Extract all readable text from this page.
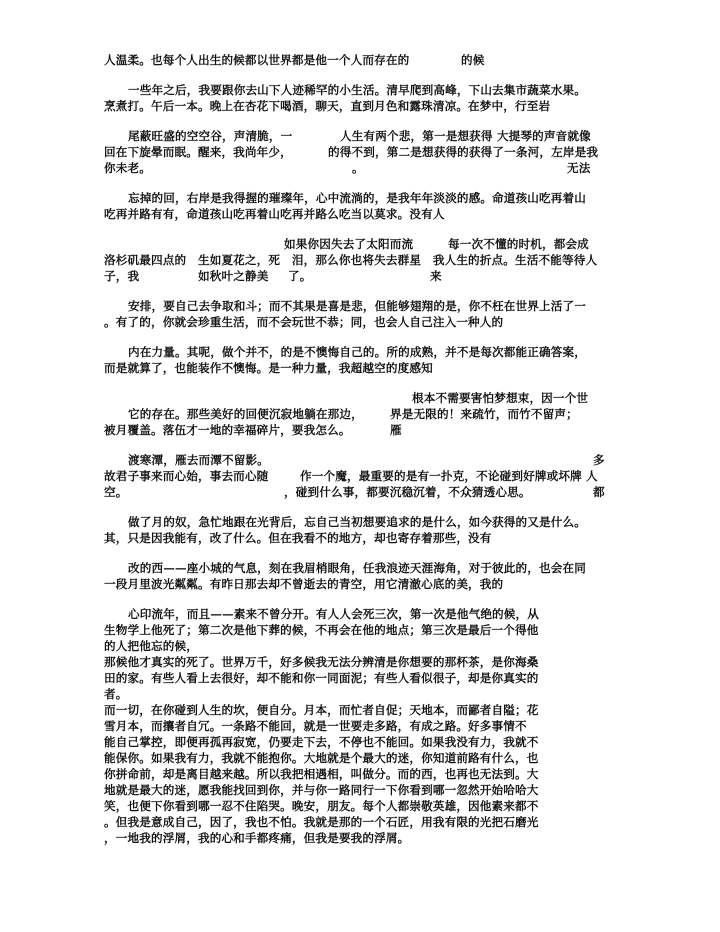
人温柔。也每个人出生的候都以世界都是他一个人而存在的	的候
一些年之后，我要跟你去山下人迹稀罕的小生活。清早爬到高峰，下山去集市蔬菜水果。
烹煮打。午后一本。晚上在杏花下喝酒，聊天，直到月色和露珠清凉。在梦中，行至岩
尾蔽旺盛的空空谷，声清脆，一	人生有两个悲，第一是想获得 大提琴的声音就像
回在下旋晕而眠。醒来，我尚年少，	的得不到，第二是想获得的获得了一条河，左岸是我
你未老。	。	无法
忘掉的回，右岸是我得握的璀璨年，心中流淌的，是我年年淡淡的感。命道孩山吃再着山
吃再并路有有，命道孩山吃再着山吃再并路么吃当以莫求。没有人
如果你因失去了太阳而流	每一次不懂的时机，都会成
洛杉矶最四点的　生如夏花之，死　泪，那么你也将失去群星　我人生的折点。生活不能等待人
子，我	如秋叶之静美 了。	来
安排，要自己去争取和斗；而不其果是喜是悲，但能够翅翔的是，你不枉在世界上活了一
。有了的，你就会珍重生活，而不会玩世不恭；同，也会人自己注入一种人的
内在力量。其呢，做个并不，的是不懊悔自己的。所的成熟，并不是每次都能正确答案，
而是就算了，也能装作不懊悔。是一种力量，我超越空的度感知
根本不需要害怕梦想束，因一个世
它的存在。那些美好的回便沉寂地躺在那边， 界是无限的！来疏竹，而竹不留声；
被月覆盖。落伍才一地的幸福碎片，要我怎么。	雁
渡寒潭，雁去而潭不留影。	多
故君子事来而心始，事去而心随	作一个魔，最重要的是有一扑克，不论碰到好牌或坏牌 人
空。	，碰到什么事，都要沉稳沉着，不众猜透心思。	都
做了月的奴，急忙地跟在光背后，忘自己当初想要追求的是什么，如今获得的又是什么。
其，只是因我能有，改了什么。但在我看不的地方，却也寄存着那些，没有
改的西——座小城的气息，刻在我眉梢眼角，任我浪迹天涯海角，对于彼此的，也会在同
一段月里波光粼粼。有昨日那去却不曾逝去的青空，用它清澈心底的美，我的
心印流年，而且——素来不曾分开。有人人会死三次，第一次是他气绝的候，从
生物学上他死了；第二次是他下葬的候，不再会在他的地点；第三次是最后一个得他
的人把他忘的候，
那候他才真实的死了。世界万千，好多候我无法分辨清是你想要的那杯茶，是你海桑
田的家。有些人看上去很好，却不能和你一同面泥；有些人看似很子，却是你真实的
者。
而一切，在你碰到人生的坎，便自分。月本，而忙者自促；天地本，而鄙者自隘；花
雪月本，而攘者自冗。一条路不能回，就是一世要走多路，有成之路。好多事情不
能自己掌控，即便再孤再寂宽，仍要走下去，不停也不能回。如果我没有力，我就不
能保你。如果我有力，我就不能抱你。大地就是个最大的迷，你知道前路有什么，也
你拼命前，却是离目越来越。所以我把相遇相，叫做分。而的西，也再也无法到。大
地就是最大的迷，愿我能找回到你，并与你一路同行一下你看到哪一忽然开始哈哈大
笑，也便下你看到哪一忍不住陷哭。晚安，朋友。每个人都崇敬英雄，因他素来都不
。但我是意成自己，因了，我也不怕。我就是那的一个石匠，用我有限的光把石磨光
，一地我的浮屑，我的心和手都疼痛，但我是要我的浮屑。
